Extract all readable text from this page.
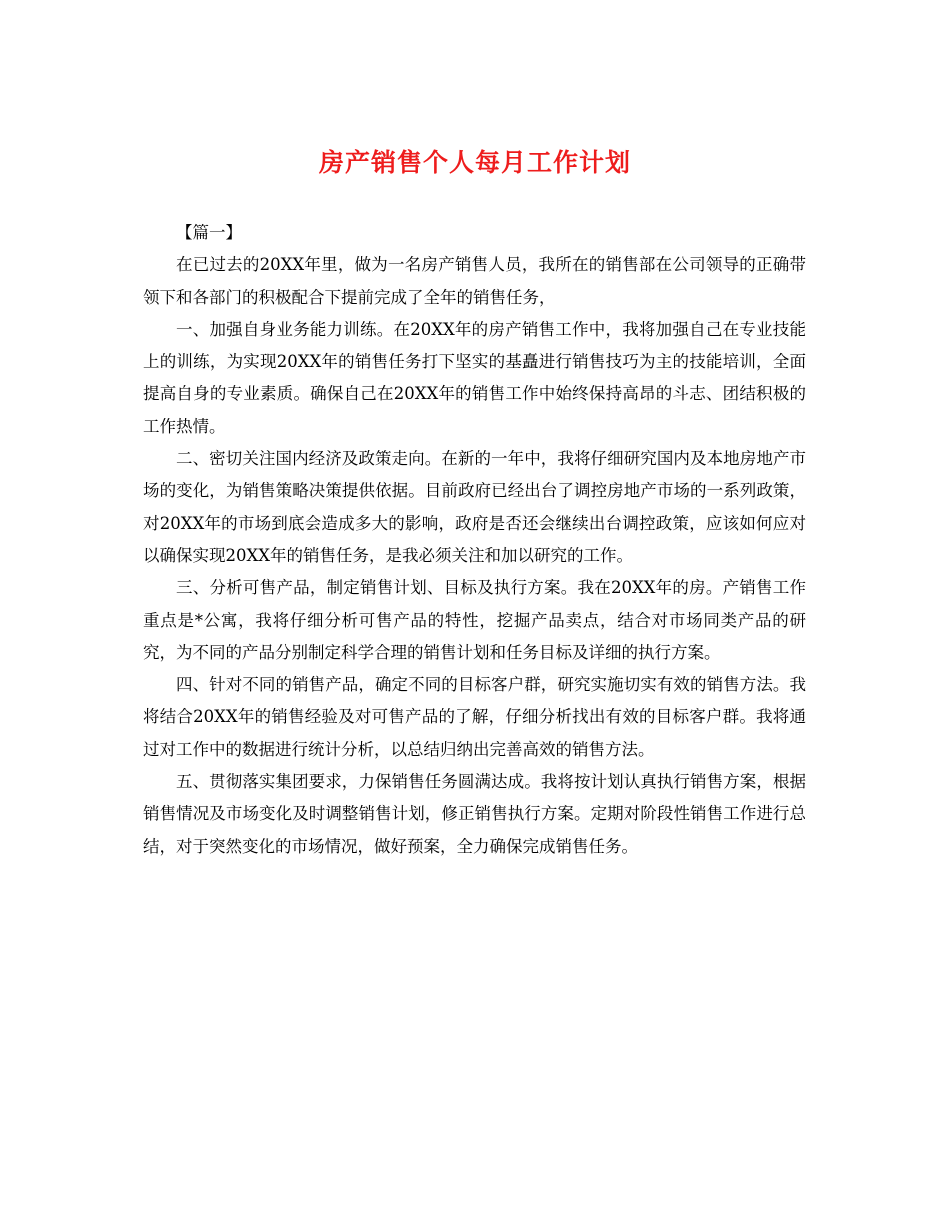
房产销售个人每月工作计划

【篇一】

在已过去的20XX年里，做为一名房产销售人员，我所在的销售部在公司领导的正确带领下和各部门的积极配合下提前完成了全年的销售任务，

一、加强自身业务能力训练。在20XX年的房产销售工作中，我将加强自己在专业技能上的训练，为实现20XX年的销售任务打下坚实的基矗进行销售技巧为主的技能培训，全面提高自身的专业素质。确保自己在20XX年的销售工作中始终保持高昂的斗志、团结积极的工作热情。

二、密切关注国内经济及政策走向。在新的一年中，我将仔细研究国内及本地房地产市场的变化，为销售策略决策提供依据。目前政府已经出台了调控房地产市场的一系列政策，对20XX年的市场到底会造成多大的影响，政府是否还会继续出台调控政策，应该如何应对以确保实现20XX年的销售任务，是我必须关注和加以研究的工作。

三、分析可售产品，制定销售计划、目标及执行方案。我在20XX年的房。产销售工作重点是*公寓，我将仔细分析可售产品的特性，挖掘产品卖点，结合对市场同类产品的研究，为不同的产品分别制定科学合理的销售计划和任务目标及详细的执行方案。

四、针对不同的销售产品，确定不同的目标客户群，研究实施切实有效的销售方法。我将结合20XX年的销售经验及对可售产品的了解，仔细分析找出有效的目标客户群。我将通过对工作中的数据进行统计分析，以总结归纳出完善高效的销售方法。

五、贯彻落实集团要求，力保销售任务圆满达成。我将按计划认真执行销售方案，根据销售情况及市场变化及时调整销售计划，修正销售执行方案。定期对阶段性销售工作进行总结，对于突然变化的市场情况，做好预案，全力确保完成销售任务。
